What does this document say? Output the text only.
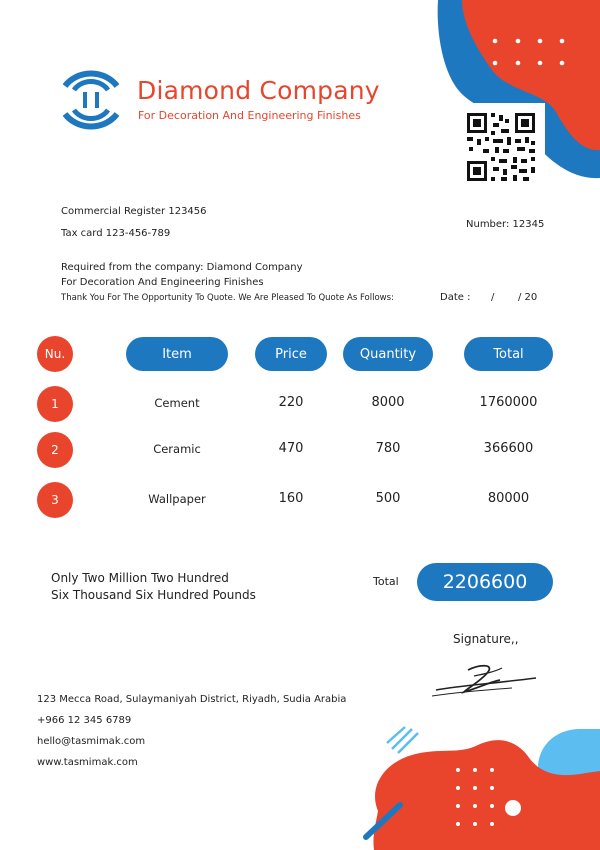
Diamond Company
For Decoration And Engineering Finishes
Commercial Register 123456
Tax card 123-456-789
Number: 12345
Required from the company: Diamond Company
For Decoration And Engineering Finishes
Thank You For The Opportunity To Quote. We Are Pleased To Quote As Follows:	Date : / / 20
Nu.	Item	Price	Quantity	Total
1	Cement	220	8000	1760000
2	Ceramic	470	780	366600
3	Wallpaper	160	500	80000
Only Two Million Two Hundred
Six Thousand Six Hundred Pounds
Total	2206600
Signature,,
123 Mecca Road, Sulaymaniyah District, Riyadh, Sudia Arabia
+966 12 345 6789
hello@tasmimak.com
www.tasmimak.com
